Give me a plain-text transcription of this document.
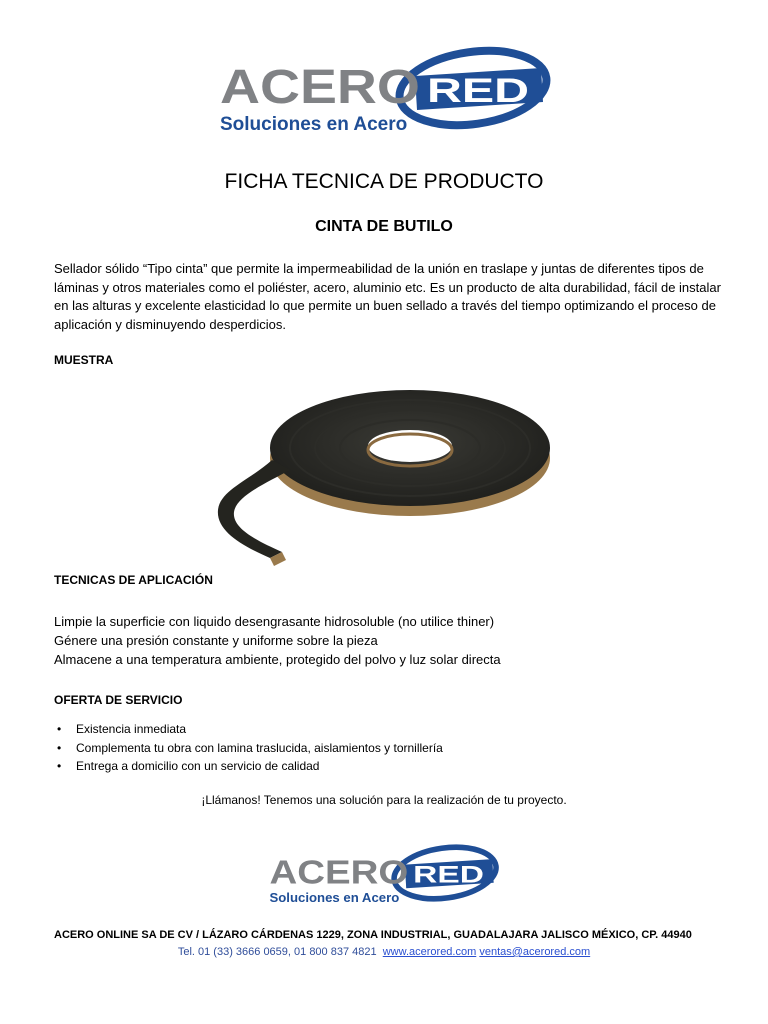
ACERO RED
Soluciones en Acero
FICHA TECNICA DE PRODUCTO
CINTA DE BUTILO
Sellador sólido “Tipo cinta” que permite la impermeabilidad de la unión en traslape y juntas de diferentes tipos de láminas y otros materiales como el poliéster, acero, aluminio etc. Es un producto de alta durabilidad, fácil de instalar en las alturas y excelente elasticidad lo que permite un buen sellado a través del tiempo optimizando el proceso de aplicación y disminuyendo desperdicios.
MUESTRA
TECNICAS DE APLICACIÓN
Limpie la superficie con liquido desengrasante hidrosoluble (no utilice thiner)
Génere una presión constante y uniforme sobre la pieza
Almacene a una temperatura ambiente, protegido del polvo y luz solar directa
OFERTA DE SERVICIO
• Existencia inmediata
• Complementa tu obra con lamina traslucida, aislamientos y tornillería
• Entrega a domicilio con un servicio de calidad
¡Llámanos! Tenemos una solución para la realización de tu proyecto.
ACERO RED
Soluciones en Acero
ACERO ONLINE SA DE CV / LÁZARO CÁRDENAS 1229, ZONA INDUSTRIAL, GUADALAJARA JALISCO MÉXICO, CP. 44940
Tel. 01 (33) 3666 0659, 01 800 837 4821 www.acerored.com ventas@acerored.com
